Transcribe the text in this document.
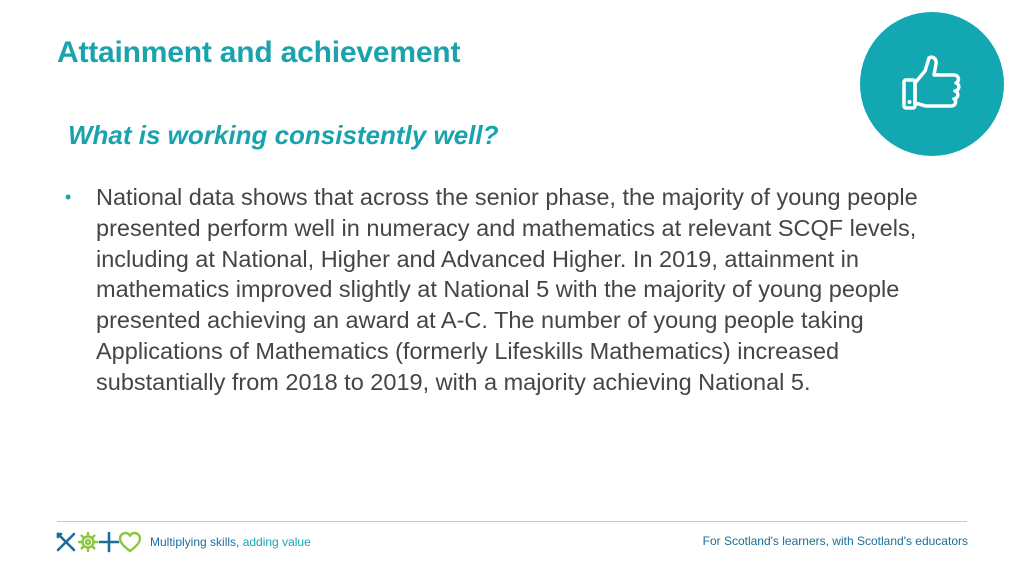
Attainment and achievement
What is working consistently well?
• National data shows that across the senior phase, the majority of young people presented perform well in numeracy and mathematics at relevant SCQF levels, including at National, Higher and Advanced Higher. In 2019, attainment in mathematics improved slightly at National 5 with the majority of young people presented achieving an award at A-C. The number of young people taking Applications of Mathematics (formerly Lifeskills Mathematics) increased substantially from 2018 to 2019, with a majority achieving National 5.
Multiplying skills, adding value	For Scotland's learners, with Scotland's educators
